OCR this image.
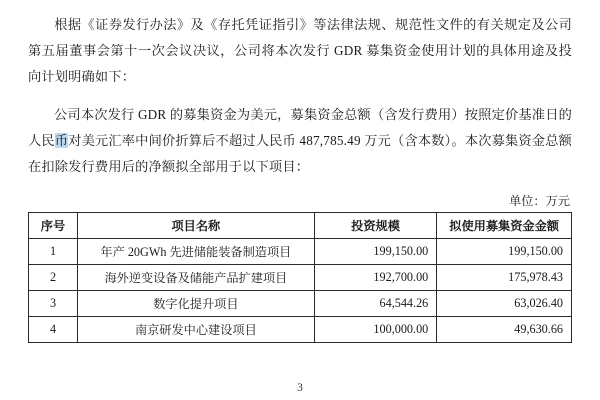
根据《证券发行办法》及《存托凭证指引》等法律法规、规范性文件的有关规定及公司第五届董事会第十一次会议决议，公司将本次发行 GDR 募集资金使用计划的具体用途及投向计划明确如下：

公司本次发行 GDR 的募集资金为美元，募集资金总额（含发行费用）按照定价基准日的人民币对美元汇率中间价折算后不超过人民币 487,785.49 万元（含本数）。本次募集资金总额在扣除发行费用后的净额拟全部用于以下项目：

单位：万元
序号	项目名称	投资规模	拟使用募集资金金额
1	年产 20GWh 先进储能装备制造项目	199,150.00	199,150.00
2	海外逆变设备及储能产品扩建项目	192,700.00	175,978.43
3	数字化提升项目	64,544.26	63,026.40
4	南京研发中心建设项目	100,000.00	49,630.66
3
